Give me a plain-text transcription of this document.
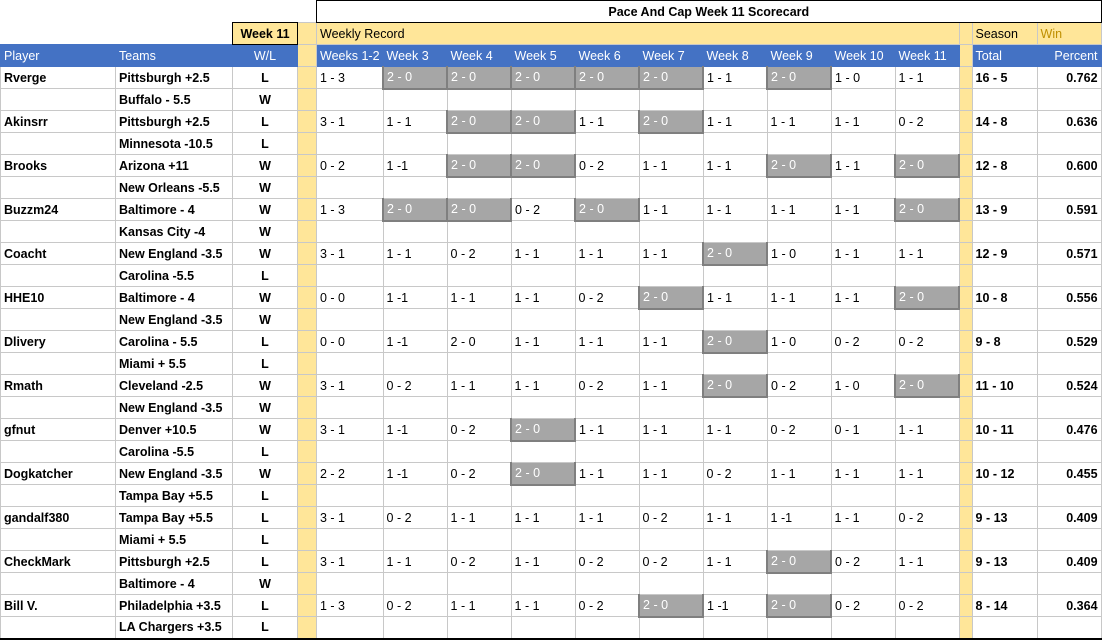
				Pace And Cap Week 11 Scorecard												
		Week 11		Weekly Record											Season	Win
Player	Teams	W/L		Weeks 1-2	Week 3	Week 4	Week 5	Week 6	Week 7	Week 8	Week 9	Week 10	Week 11		Total	Percent
Rverge	Pittsburgh +2.5	L		1 - 3	2 - 0	2 - 0	2 - 0	2 - 0	2 - 0	1 - 1	2 - 0	1 - 0	1 - 1		16 - 5	0.762
	Buffalo - 5.5	W														
Akinsrr	Pittsburgh +2.5	L		3 - 1	1 - 1	2 - 0	2 - 0	1 - 1	2 - 0	1 - 1	1 - 1	1 - 1	0 - 2		14 - 8	0.636
	Minnesota -10.5	L														
Brooks	Arizona +11	W		0 - 2	1 -1	2 - 0	2 - 0	0 - 2	1 - 1	1 - 1	2 - 0	1 - 1	2 - 0		12 - 8	0.600
	New Orleans -5.5	W														
Buzzm24	Baltimore - 4	W		1 - 3	2 - 0	2 - 0	0 - 2	2 - 0	1 - 1	1 - 1	1 - 1	1 - 1	2 - 0		13 - 9	0.591
	Kansas City -4	W														
Coacht	New England -3.5	W		3 - 1	1 - 1	0 - 2	1 - 1	1 - 1	1 - 1	2 - 0	1 - 0	1 - 1	1 - 1		12 - 9	0.571
	Carolina -5.5	L														
HHE10	Baltimore - 4	W		0 - 0	1 -1	1 - 1	1 - 1	0 - 2	2 - 0	1 - 1	1 - 1	1 - 1	2 - 0		10 - 8	0.556
	New England -3.5	W														
Dlivery	Carolina - 5.5	L		0 - 0	1 -1	2 - 0	1 - 1	1 - 1	1 - 1	2 - 0	1 - 0	0 - 2	0 - 2		9 - 8	0.529
	Miami + 5.5	L														
Rmath	Cleveland -2.5	W		3 - 1	0 - 2	1 - 1	1 - 1	0 - 2	1 - 1	2 - 0	0 - 2	1 - 0	2 - 0		11 - 10	0.524
	New England -3.5	W														
gfnut	Denver +10.5	W		3 - 1	1 -1	0 - 2	2 - 0	1 - 1	1 - 1	1 - 1	0 - 2	0 - 1	1 - 1		10 - 11	0.476
	Carolina -5.5	L														
Dogkatcher	New England -3.5	W		2 - 2	1 -1	0 - 2	2 - 0	1 - 1	1 - 1	0 - 2	1 - 1	1 - 1	1 - 1		10 - 12	0.455
	Tampa Bay +5.5	L														
gandalf380	Tampa Bay +5.5	L		3 - 1	0 - 2	1 - 1	1 - 1	1 - 1	0 - 2	1 - 1	1 -1	1 - 1	0 - 2		9 - 13	0.409
	Miami + 5.5	L														
CheckMark	Pittsburgh +2.5	L		3 - 1	1 - 1	0 - 2	1 - 1	0 - 2	0 - 2	1 - 1	2 - 0	0 - 2	1 - 1		9 - 13	0.409
	Baltimore - 4	W														
Bill V.	Philadelphia +3.5	L		1 - 3	0 - 2	1 - 1	1 - 1	0 - 2	2 - 0	1 -1	2 - 0	0 - 2	0 - 2		8 - 14	0.364
	LA Chargers +3.5	L														
